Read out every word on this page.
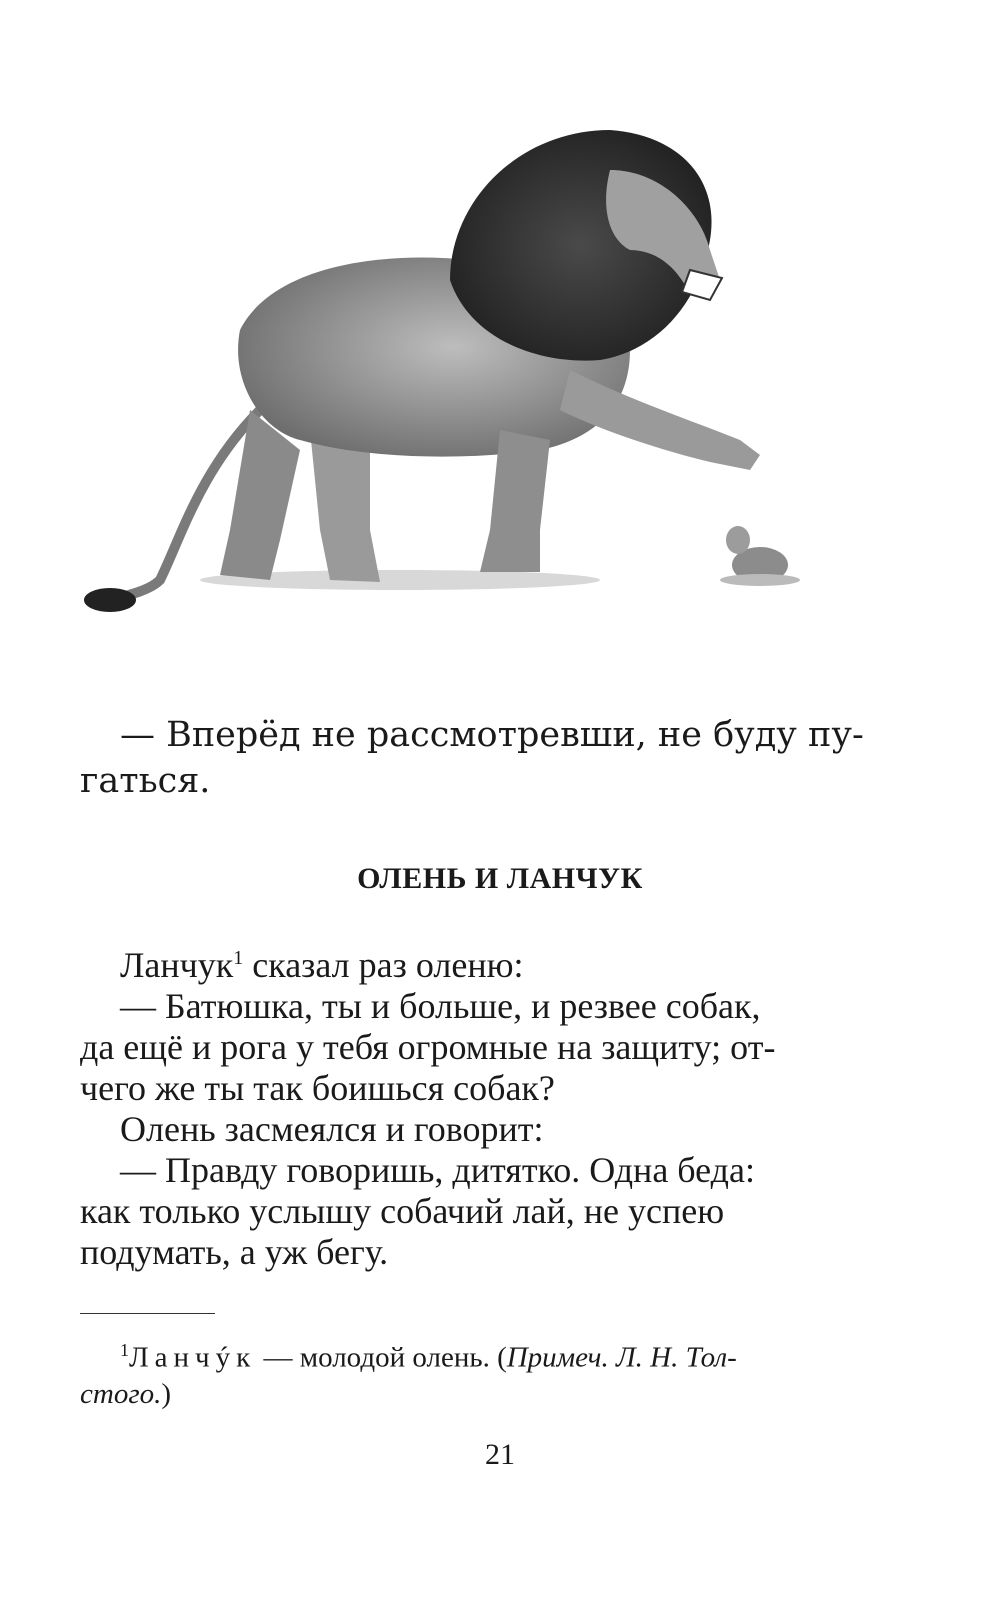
— Вперёд не рассмотревши, не буду пу-
гаться.

ОЛЕНЬ И ЛАНЧУК

Ланчук$^1$ сказал раз оленю:

— Батюшка, ты и больше, и резвее собак,
да ещё и рога у тебя огромные на защиту; от-
чего же ты так боишься собак?

Олень засмеялся и говорит:

— Правду говоришь, дитятко. Одна беда:
как только услышу собачий лай, не успею
подумать, а уж бегу.

$^1$Ланчýк — молодой олень. (Примеч. Л. Н. Тол-
стого.)
21
